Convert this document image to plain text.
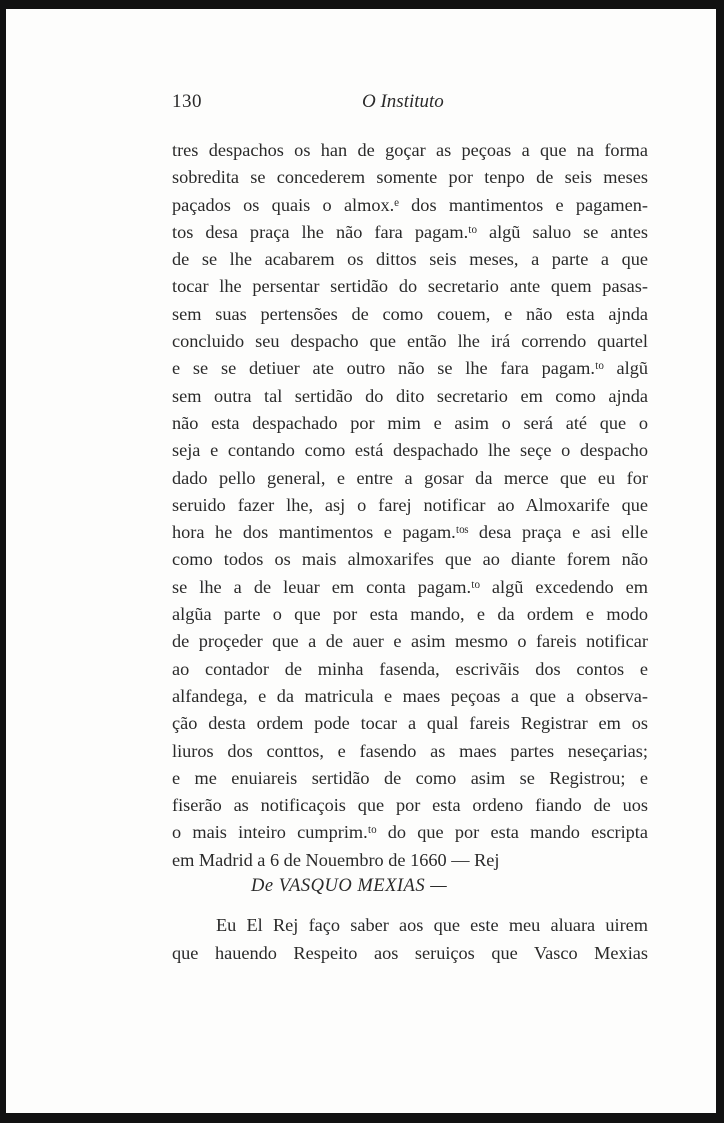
130	O Instituto
tres despachos os han de goçar as peçoas a que na forma
sobredita se concederem somente por tenpo de seis meses
paçados os quais o almox.ᵉ dos mantimentos e pagamen-
tos desa praça lhe não fara pagam.ᵗᵒ algũ saluo se antes
de se lhe acabarem os dittos seis meses, a parte a que
tocar lhe persentar sertidão do secretario ante quem pasas-
sem suas pertensões de como couem, e não esta ajnda
concluido seu despacho que então lhe irá correndo quartel
e se se detiuer ate outro não se lhe fara pagam.ᵗᵒ algũ
sem outra tal sertidão do dito secretario em como ajnda
não esta despachado por mim e asim o será até que o
seja e contando como está despachado lhe seçe o despacho
dado pello general, e entre a gosar da merce que eu for
seruido fazer lhe, asj o farej notificar ao Almoxarife que
hora he dos mantimentos e pagam.ᵗᵒˢ desa praça e asi elle
como todos os mais almoxarifes que ao diante forem não
se lhe a de leuar em conta pagam.ᵗᵒ algũ excedendo em
algũa parte o que por esta mando, e da ordem e modo
de proçeder que a de auer e asim mesmo o fareis notificar
ao contador de minha fasenda, escrivãis dos contos e
alfandega, e da matricula e maes peçoas a que a observa-
ção desta ordem pode tocar a qual fareis Registrar em os
liuros dos conttos, e fasendo as maes partes neseçarias;
e me enuiareis sertidão de como asim se Registrou; e
fiserão as notificaçois que por esta ordeno fiando de uos
o mais inteiro cumprim.ᵗᵒ do que por esta mando escripta
em Madrid a 6 de Nouembro de 1660 — Rej
De VASQUO MEXIAS —
Eu El Rej faço saber aos que este meu aluara uirem
que hauendo Respeito aos seruiços que Vasco Mexias
